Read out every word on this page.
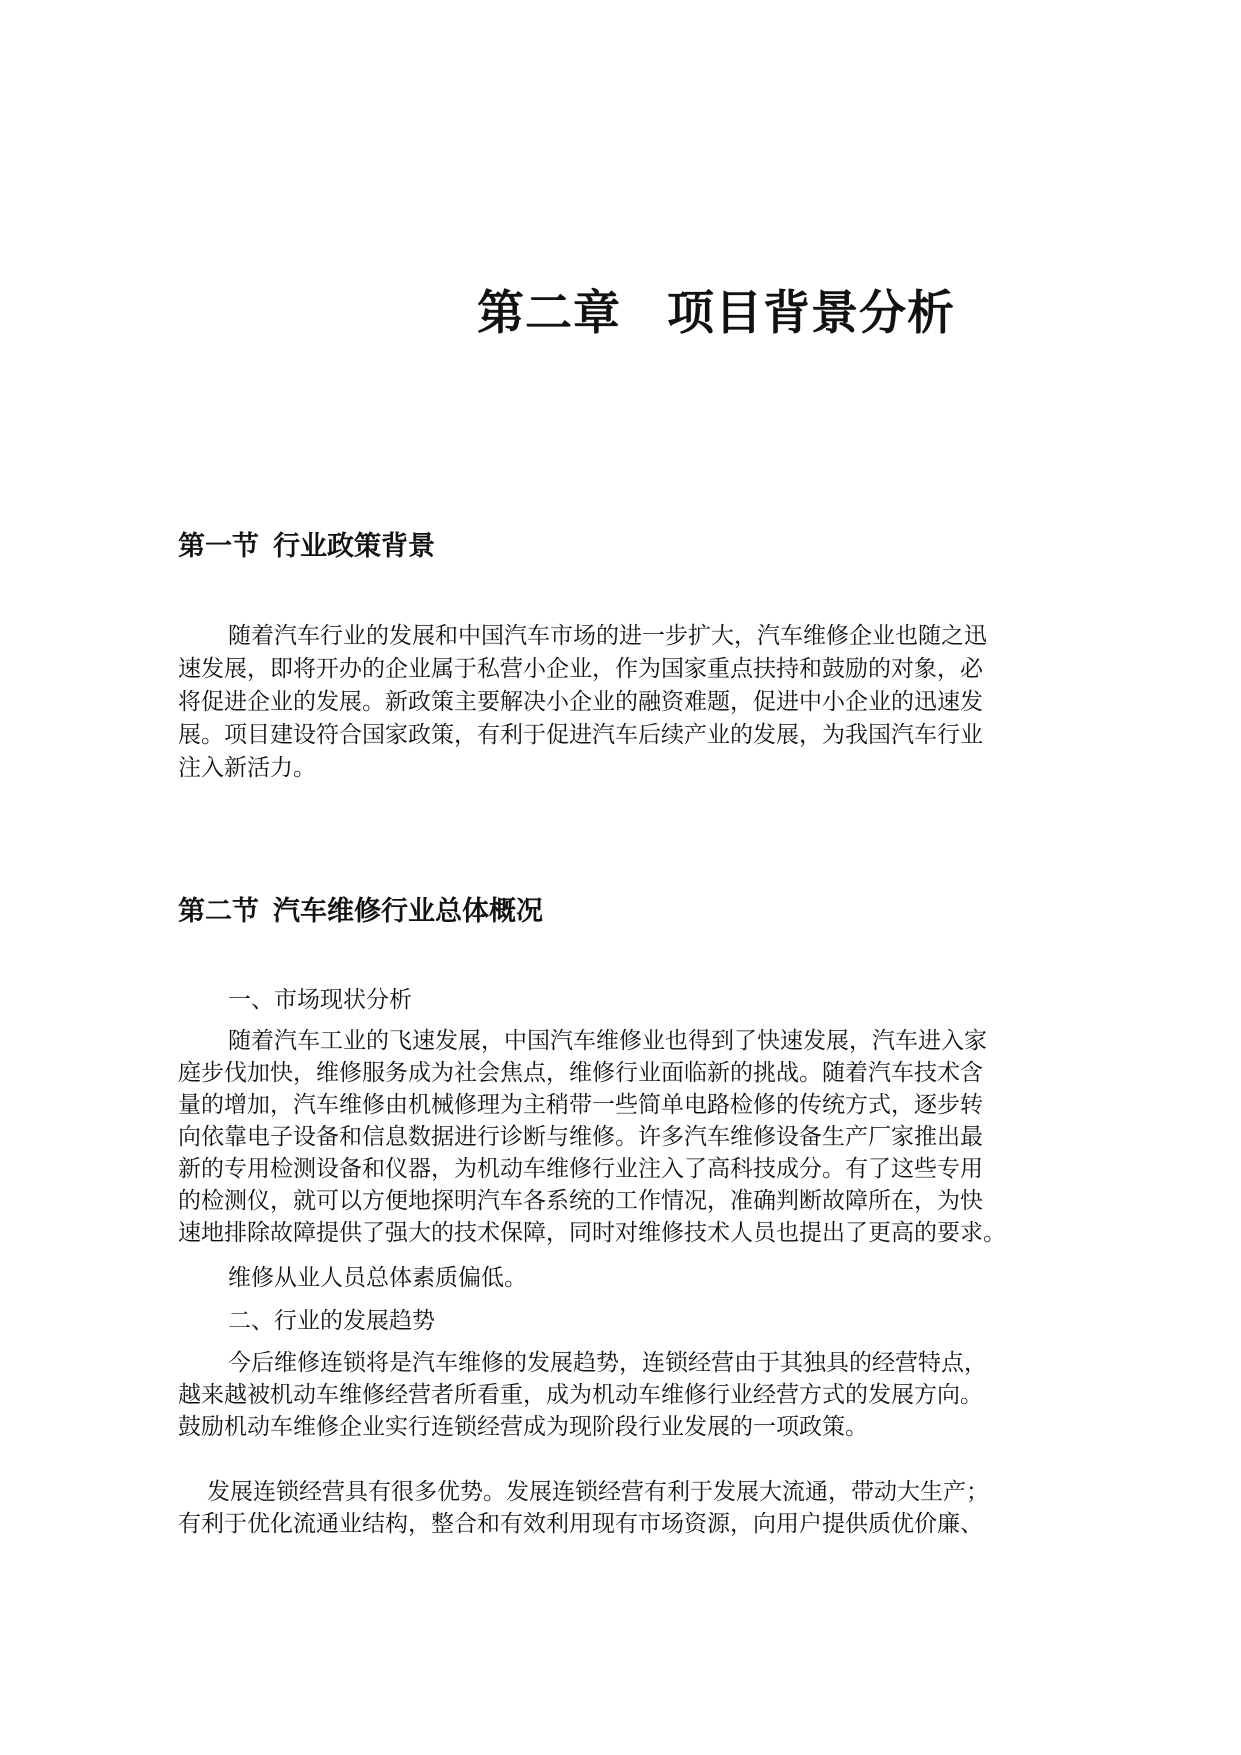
第二章 项目背景分析
第一节 行业政策背景
随着汽车行业的发展和中国汽车市场的进一步扩大，汽车维修企业也随之迅
速发展，即将开办的企业属于私营小企业，作为国家重点扶持和鼓励的对象，必
将促进企业的发展。新政策主要解决小企业的融资难题，促进中小企业的迅速发
展。项目建设符合国家政策，有利于促进汽车后续产业的发展，为我国汽车行业
注入新活力。
第二节 汽车维修行业总体概况
一、市场现状分析
随着汽车工业的飞速发展，中国汽车维修业也得到了快速发展，汽车进入家
庭步伐加快，维修服务成为社会焦点，维修行业面临新的挑战。随着汽车技术含
量的增加，汽车维修由机械修理为主稍带一些简单电路检修的传统方式，逐步转
向依靠电子设备和信息数据进行诊断与维修。许多汽车维修设备生产厂家推出最
新的专用检测设备和仪器，为机动车维修行业注入了高科技成分。有了这些专用
的检测仪，就可以方便地探明汽车各系统的工作情况，准确判断故障所在，为快
速地排除故障提供了强大的技术保障，同时对维修技术人员也提出了更高的要求。
维修从业人员总体素质偏低。
二、行业的发展趋势
今后维修连锁将是汽车维修的发展趋势，连锁经营由于其独具的经营特点，
越来越被机动车维修经营者所看重，成为机动车维修行业经营方式的发展方向。
鼓励机动车维修企业实行连锁经营成为现阶段行业发展的一项政策。
发展连锁经营具有很多优势。发展连锁经营有利于发展大流通，带动大生产；
有利于优化流通业结构，整合和有效利用现有市场资源，向用户提供质优价廉、
